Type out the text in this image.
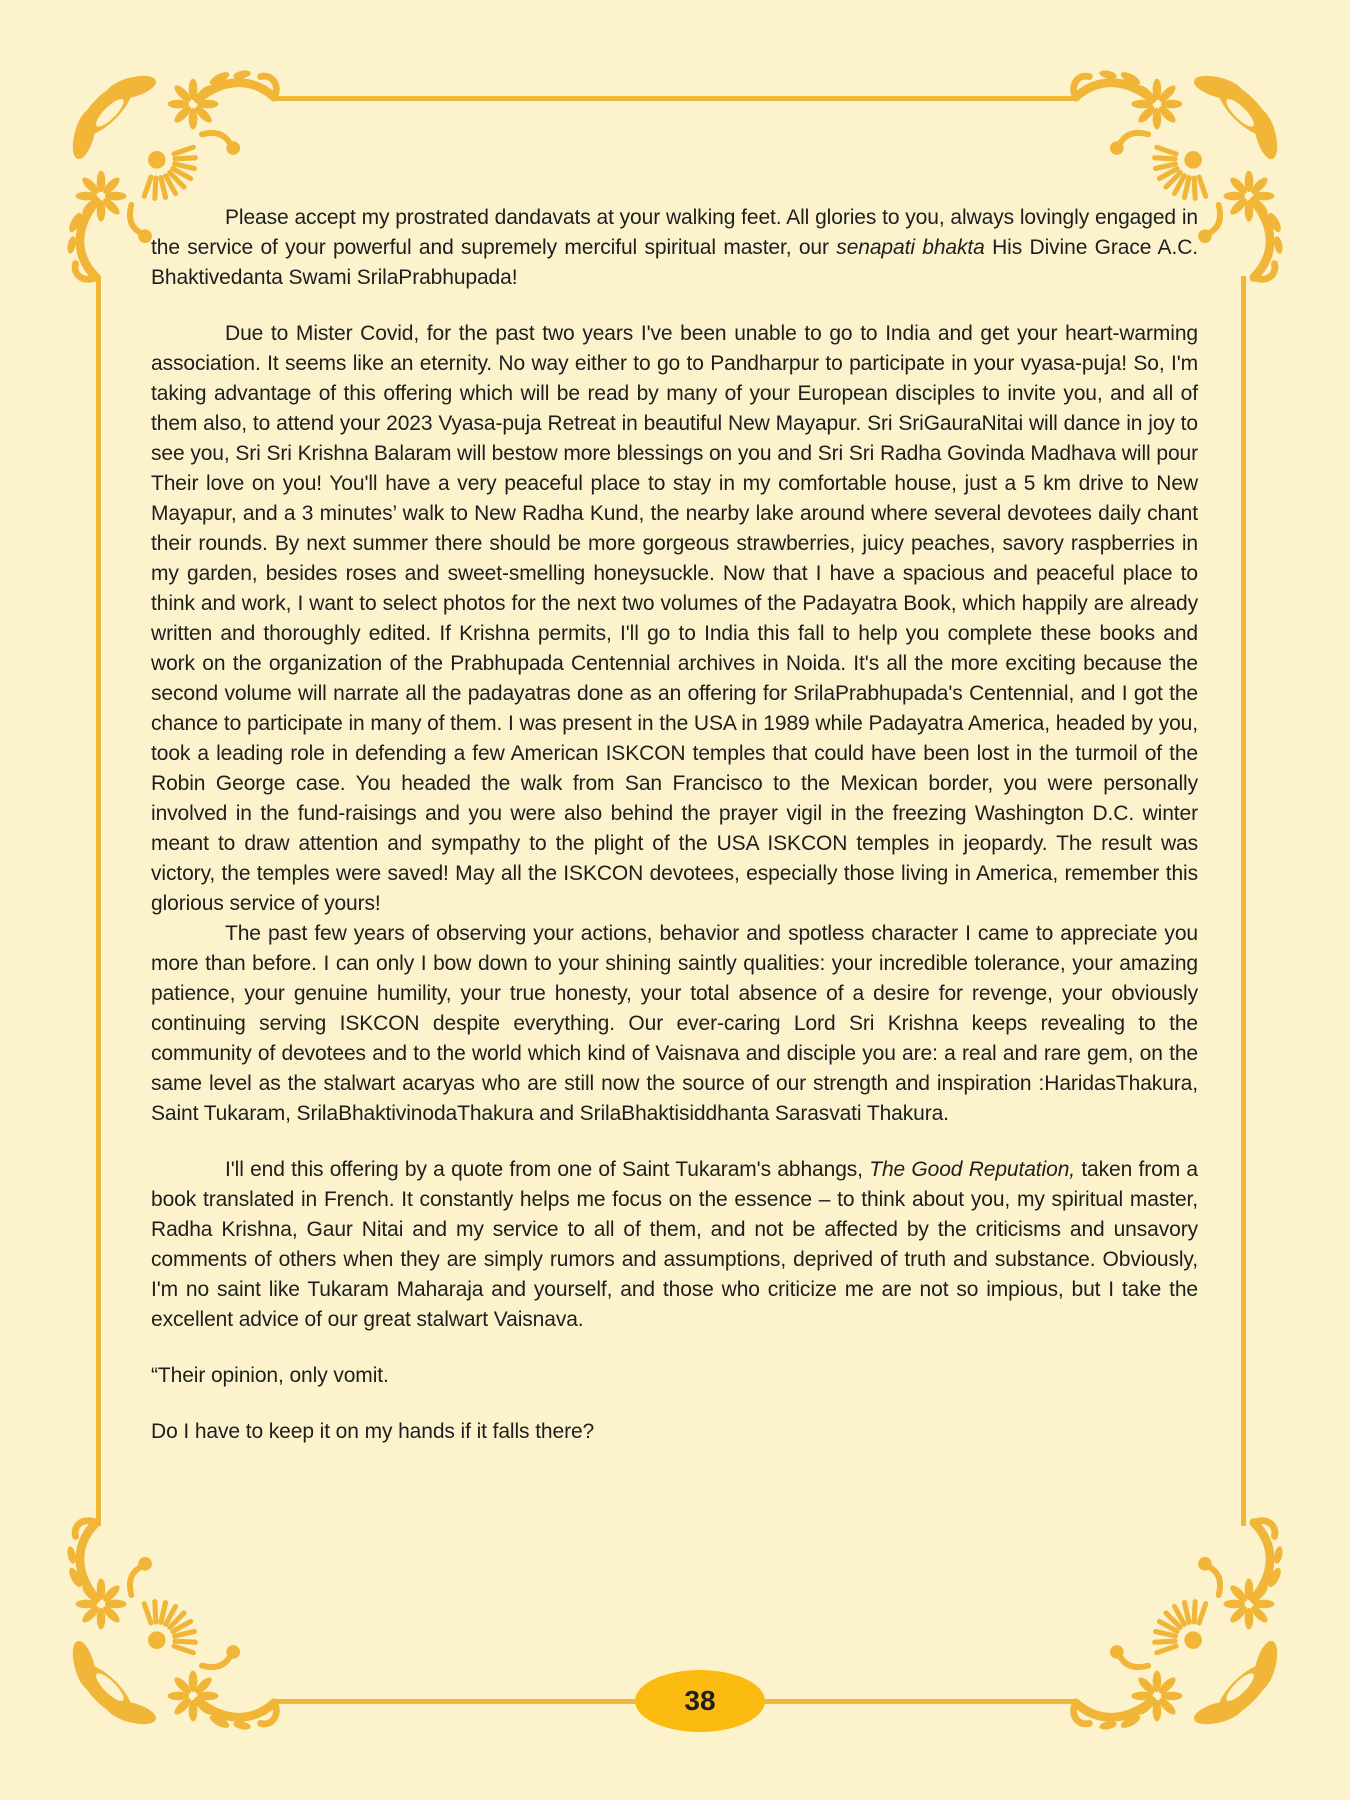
Please accept my prostrated dandavats at your walking feet. All glories to you, always lovingly engaged in the service of your powerful and supremely merciful spiritual master, our senapati bhakta His Divine Grace A.C. Bhaktivedanta Swami SrilaPrabhupada!

Due to Mister Covid, for the past two years I've been unable to go to India and get your heart-warming association. It seems like an eternity. No way either to go to Pandharpur to participate in your vyasa-puja! So, I'm taking advantage of this offering which will be read by many of your European disciples to invite you, and all of them also, to attend your 2023 Vyasa-puja Retreat in beautiful New Mayapur. Sri SriGauraNitai will dance in joy to see you, Sri Sri Krishna Balaram will bestow more blessings on you and Sri Sri Radha Govinda Madhava will pour Their love on you! You'll have a very peaceful place to stay in my comfortable house, just a 5 km drive to New Mayapur, and a 3 minutes’ walk to New Radha Kund, the nearby lake around where several devotees daily chant their rounds. By next summer there should be more gorgeous strawberries, juicy peaches, savory raspberries in my garden, besides roses and sweet-smelling honeysuckle. Now that I have a spacious and peaceful place to think and work, I want to select photos for the next two volumes of the Padayatra Book, which happily are already written and thoroughly edited. If Krishna permits, I'll go to India this fall to help you complete these books and work on the organization of the Prabhupada Centennial archives in Noida. It's all the more exciting because the second volume will narrate all the padayatras done as an offering for SrilaPrabhupada's Centennial, and I got the chance to participate in many of them. I was present in the USA in 1989 while Padayatra America, headed by you, took a leading role in defending a few American ISKCON temples that could have been lost in the turmoil of the Robin George case. You headed the walk from San Francisco to the Mexican border, you were personally involved in the fund-raisings and you were also behind the prayer vigil in the freezing Washington D.C. winter meant to draw attention and sympathy to the plight of the USA ISKCON temples in jeopardy. The result was victory, the temples were saved! May all the ISKCON devotees, especially those living in America, remember this glorious service of yours!

The past few years of observing your actions, behavior and spotless character I came to appreciate you more than before. I can only I bow down to your shining saintly qualities: your incredible tolerance, your amazing patience, your genuine humility, your true honesty, your total absence of a desire for revenge, your obviously continuing serving ISKCON despite everything. Our ever-caring Lord Sri Krishna keeps revealing to the community of devotees and to the world which kind of Vaisnava and disciple you are: a real and rare gem, on the same level as the stalwart acaryas who are still now the source of our strength and inspiration :HaridasThakura, Saint Tukaram, SrilaBhaktivinodaThakura and SrilaBhaktisiddhanta Sarasvati Thakura.

I'll end this offering by a quote from one of Saint Tukaram's abhangs, The Good Reputation, taken from a book translated in French. It constantly helps me focus on the essence – to think about you, my spiritual master, Radha Krishna, Gaur Nitai and my service to all of them, and not be affected by the criticisms and unsavory comments of others when they are simply rumors and assumptions, deprived of truth and substance. Obviously, I'm no saint like Tukaram Maharaja and yourself, and those who criticize me are not so impious, but I take the excellent advice of our great stalwart Vaisnava.

“Their opinion, only vomit.

Do I have to keep it on my hands if it falls there?

38
